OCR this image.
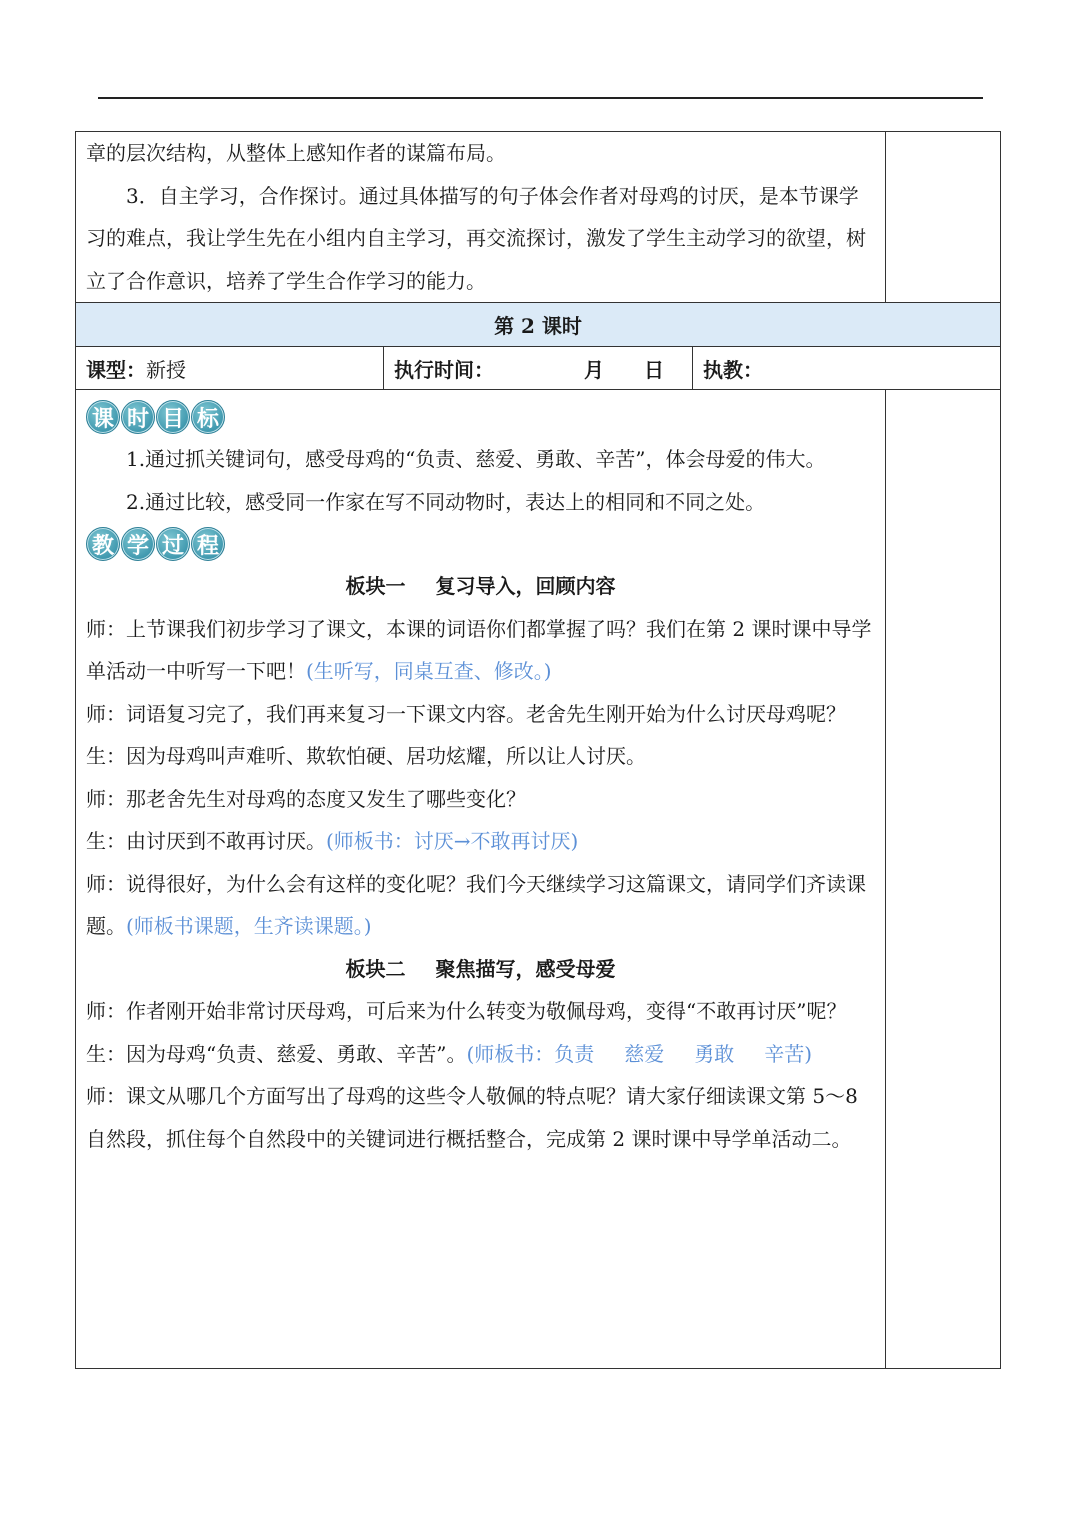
章的层次结构，从整体上感知作者的谋篇布局。

3．自主学习，合作探讨。通过具体描写的句子体会作者对母鸡的讨厌，是本节课学习的难点，我让学生先在小组内自主学习，再交流探讨，激发了学生主动学习的欲望，树立了合作意识，培养了学生合作学习的能力。

第 2 课时
课型： 新授	执行时间：	月 日 执教：
课 时 目 标

1.通过抓关键词句，感受母鸡的“负责、慈爱、勇敢、辛苦”，体会母爱的伟大。

2.通过比较，感受同一作家在写不同动物时，表达上的相同和不同之处。

教 学 过 程

板块一 复习导入，回顾内容

师：上节课我们初步学习了课文，本课的词语你们都掌握了吗？我们在第 2 课时课中导学单活动一中听写一下吧！(生听写，同桌互查、修改。)

师：词语复习完了，我们再来复习一下课文内容。老舍先生刚开始为什么讨厌母鸡呢？

生：因为母鸡叫声难听、欺软怕硬、居功炫耀，所以让人讨厌。

师：那老舍先生对母鸡的态度又发生了哪些变化？

生：由讨厌到不敢再讨厌。(师板书：讨厌→不敢再讨厌)

师：说得很好，为什么会有这样的变化呢？我们今天继续学习这篇课文，请同学们齐读课题。(师板书课题，生齐读课题。)

板块二 聚焦描写，感受母爱

师：作者刚开始非常讨厌母鸡，可后来为什么转变为敬佩母鸡，变得“不敢再讨厌”呢？

生：因为母鸡“负责、慈爱、勇敢、辛苦”。(师板书：负责 慈爱 勇敢 辛苦)

师：课文从哪几个方面写出了母鸡的这些令人敬佩的特点呢？请大家仔细读课文第 5～8 自然段，抓住每个自然段中的关键词进行概括整合，完成第 2 课时课中导学单活动二。
